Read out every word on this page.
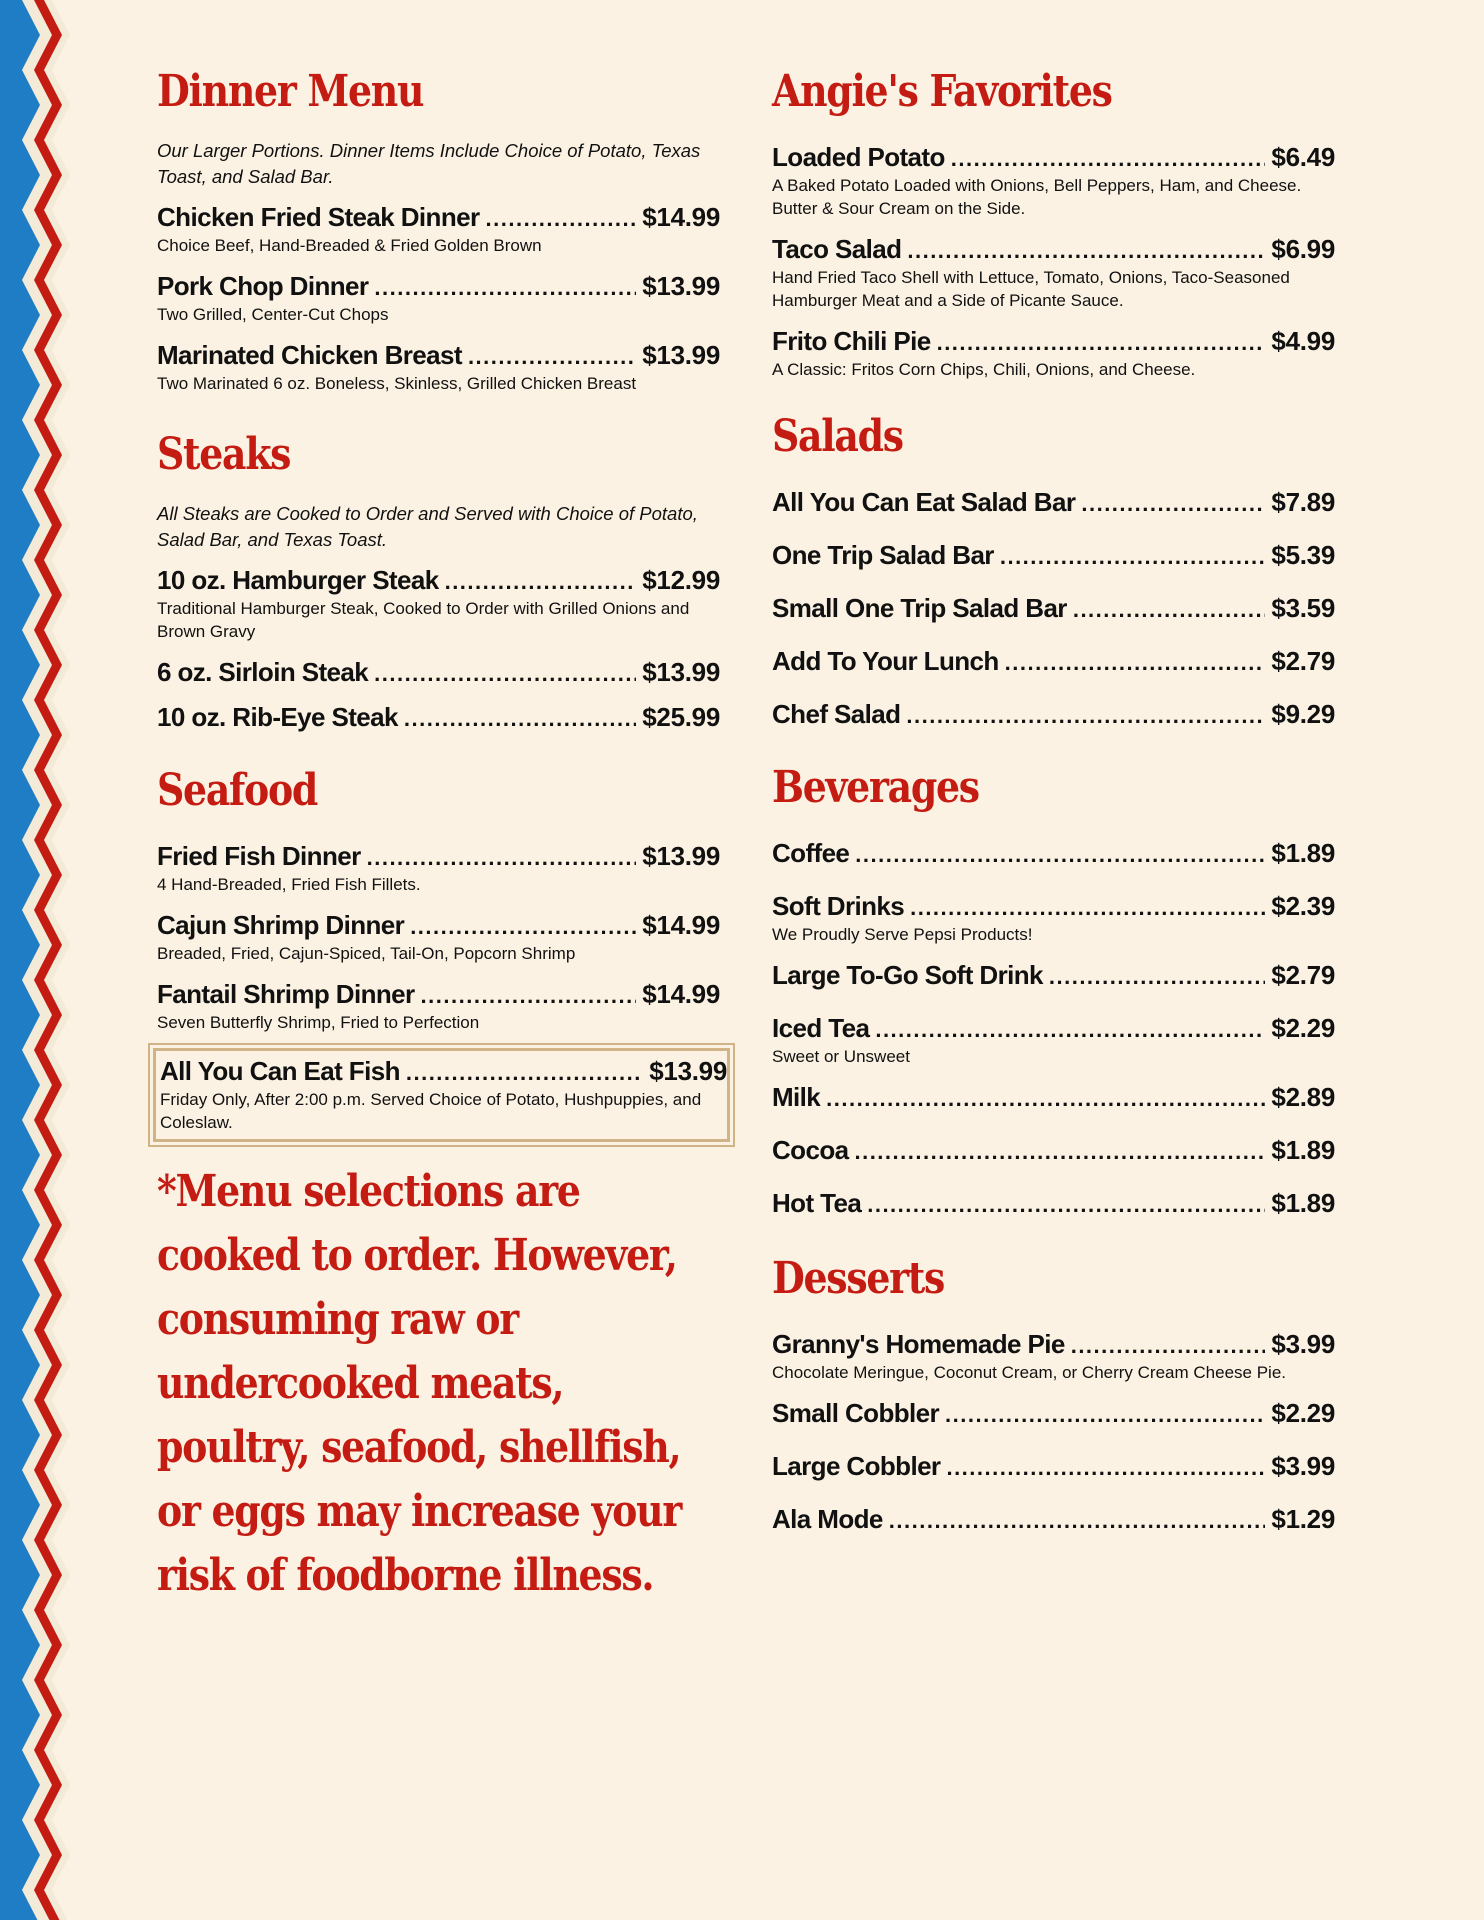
Dinner Menu
Our Larger Portions. Dinner Items Include Choice of Potato, Texas Toast, and Salad Bar.
Chicken Fried Steak Dinner .....	$14.99
Choice Beef, Hand-Breaded & Fried Golden Brown
Pork Chop Dinner .....	$13.99
Two Grilled, Center-Cut Chops
Marinated Chicken Breast .....	$13.99
Two Marinated 6 oz. Boneless, Skinless, Grilled Chicken Breast
Steaks
All Steaks are Cooked to Order and Served with Choice of Potato, Salad Bar, and Texas Toast.
10 oz. Hamburger Steak .....	$12.99
Traditional Hamburger Steak, Cooked to Order with Grilled Onions and Brown Gravy
6 oz. Sirloin Steak .....	$13.99
10 oz. Rib-Eye Steak .....	$25.99
Seafood
Fried Fish Dinner .....	$13.99
4 Hand-Breaded, Fried Fish Fillets.
Cajun Shrimp Dinner .....	$14.99
Breaded, Fried, Cajun-Spiced, Tail-On, Popcorn Shrimp
Fantail Shrimp Dinner .....	$14.99
Seven Butterfly Shrimp, Fried to Perfection
All You Can Eat Fish .....	$13.99
Friday Only, After 2:00 p.m. Served Choice of Potato, Hushpuppies, and Coleslaw.
*Menu selections are cooked to order. However, consuming raw or undercooked meats, poultry, seafood, shellfish, or eggs may increase your risk of foodborne illness.
Angie's Favorites
Loaded Potato .....	$6.49
A Baked Potato Loaded with Onions, Bell Peppers, Ham, and Cheese. Butter & Sour Cream on the Side.
Taco Salad .....	$6.99
Hand Fried Taco Shell with Lettuce, Tomato, Onions, Taco-Seasoned Hamburger Meat and a Side of Picante Sauce.
Frito Chili Pie .....	$4.99
A Classic: Fritos Corn Chips, Chili, Onions, and Cheese.
Salads
All You Can Eat Salad Bar .....	$7.89
One Trip Salad Bar .....	$5.39
Small One Trip Salad Bar .....	$3.59
Add To Your Lunch .....	$2.79
Chef Salad .....	$9.29
Beverages
Coffee .....	$1.89
Soft Drinks .....	$2.39
We Proudly Serve Pepsi Products!
Large To-Go Soft Drink .....	$2.79
Iced Tea .....	$2.29
Sweet or Unsweet
Milk .....	$2.89
Cocoa .....	$1.89
Hot Tea .....	$1.89
Desserts
Granny's Homemade Pie .....	$3.99
Chocolate Meringue, Coconut Cream, or Cherry Cream Cheese Pie.
Small Cobbler .....	$2.29
Large Cobbler .....	$3.99
Ala Mode .....	$1.29
